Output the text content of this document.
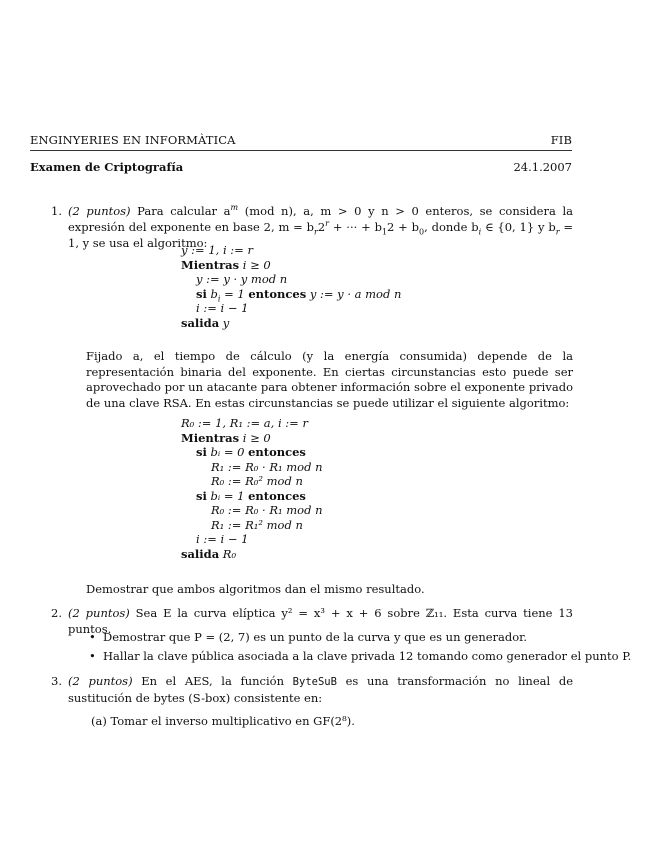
ENGINYERIES EN INFORMÀTICA	FIB
Examen de Criptografía	24.1.2007
1. (2 puntos) Para calcular $a^m$ (mod n), a, m > 0 y n > 0 enteros, se considera la expresión del exponente en base 2, $m = b_r2^r$ + ··· + $b_12 + b_0$, donde $b_i$ ∈ {0, 1} y $b_r = 1$, y se usa el algoritmo:
y := 1, i := r
Mientras i ≥ 0
y := y · y mod n
si $b_i = 1$ entonces y := y · a mod n
i := i − 1
salida y
Fijado a, el tiempo de cálculo (y la energía consumida) depende de la representación binaria del exponente. En ciertas circunstancias esto puede ser aprovechado por un atacante para obtener información sobre el exponente privado de una clave RSA. En estas circunstancias se puede utilizar el siguiente algoritmo:
R₀ := 1, R₁ := a, i := r
Mientras i ≥ 0
si bᵢ = 0 entonces
R₁ := R₀ · R₁ mod n
R₀ := R₀² mod n
si bᵢ = 1 entonces
R₀ := R₀ · R₁ mod n
R₁ := R₁² mod n
i := i − 1
salida R₀
Demostrar que ambos algoritmos dan el mismo resultado.
2. (2 puntos) Sea E la curva elíptica y² = x³ + x + 6 sobre ℤ₁₁. Esta curva tiene 13 puntos.
• Demostrar que P = (2, 7) es un punto de la curva y que es un generador.
• Hallar la clave pública asociada a la clave privada 12 tomando como generador el punto P.
3. (2 puntos) En el AES, la función ByteSuB es una transformación no lineal de sustitución de bytes (S-box) consistente en:
(a) Tomar el inverso multiplicativo en GF(2⁸).
